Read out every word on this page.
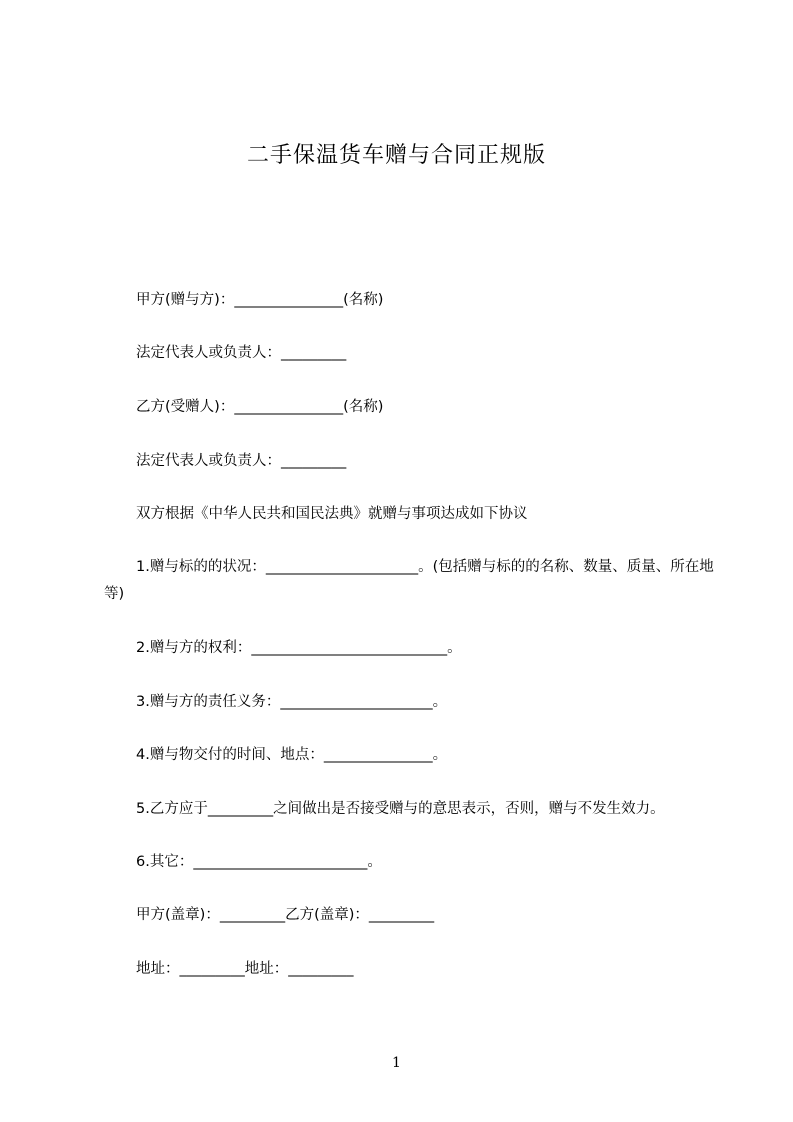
二手保温货车赠与合同正规版
甲方(赠与方)：_______________(名称)
法定代表人或负责人：_________
乙方(受赠人)：_______________(名称)
法定代表人或负责人：_________
双方根据《中华人民共和国民法典》就赠与事项达成如下协议
1.赠与标的的状况：_____________________。(包括赠与标的的名称、数量、质量、所在地等)
2.赠与方的权利：___________________________。
3.赠与方的责任义务：_____________________。
4.赠与物交付的时间、地点：_______________。
5.乙方应于_________之间做出是否接受赠与的意思表示，否则，赠与不发生效力。
6.其它：________________________。
甲方(盖章)：_________乙方(盖章)：_________
地址：_________地址：_________
1
